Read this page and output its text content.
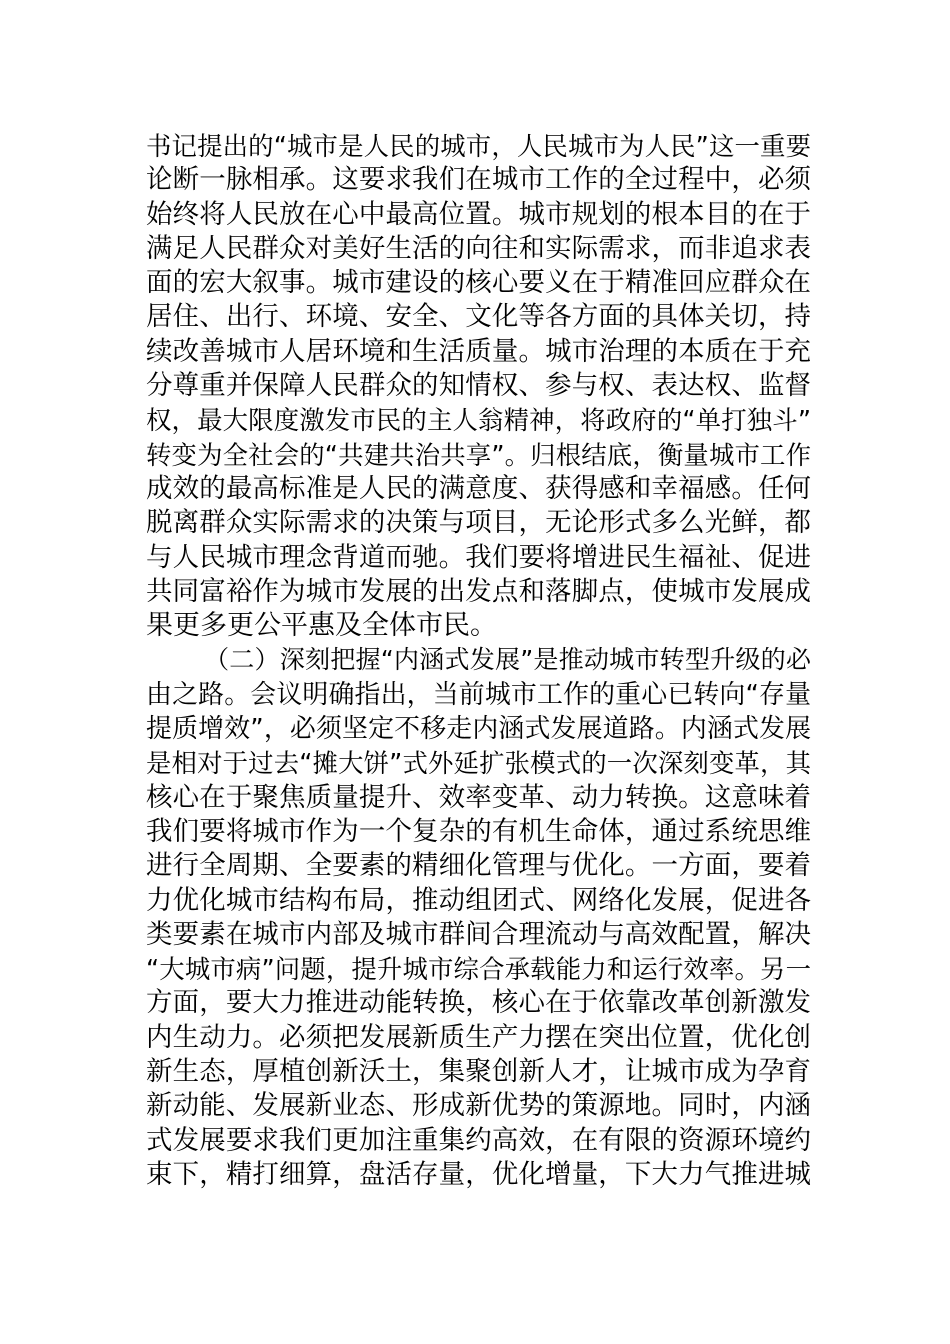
书记提出的“城市是人民的城市，人民城市为人民”这一重要
论断一脉相承。这要求我们在城市工作的全过程中，必须
始终将人民放在心中最高位置。城市规划的根本目的在于
满足人民群众对美好生活的向往和实际需求，而非追求表
面的宏大叙事。城市建设的核心要义在于精准回应群众在
居住、出行、环境、安全、文化等各方面的具体关切，持
续改善城市人居环境和生活质量。城市治理的本质在于充
分尊重并保障人民群众的知情权、参与权、表达权、监督
权，最大限度激发市民的主人翁精神，将政府的“单打独斗”
转变为全社会的“共建共治共享”。归根结底，衡量城市工作
成效的最高标准是人民的满意度、获得感和幸福感。任何
脱离群众实际需求的决策与项目，无论形式多么光鲜，都
与人民城市理念背道而驰。我们要将增进民生福祉、促进
共同富裕作为城市发展的出发点和落脚点，使城市发展成
果更多更公平惠及全体市民。
（二）深刻把握“内涵式发展”是推动城市转型升级的必
由之路。会议明确指出，当前城市工作的重心已转向“存量
提质增效”，必须坚定不移走内涵式发展道路。内涵式发展
是相对于过去“摊大饼”式外延扩张模式的一次深刻变革，其
核心在于聚焦质量提升、效率变革、动力转换。这意味着
我们要将城市作为一个复杂的有机生命体，通过系统思维
进行全周期、全要素的精细化管理与优化。一方面，要着
力优化城市结构布局，推动组团式、网络化发展，促进各
类要素在城市内部及城市群间合理流动与高效配置，解决
“大城市病”问题，提升城市综合承载能力和运行效率。另一
方面，要大力推进动能转换，核心在于依靠改革创新激发
内生动力。必须把发展新质生产力摆在突出位置，优化创
新生态，厚植创新沃土，集聚创新人才，让城市成为孕育
新动能、发展新业态、形成新优势的策源地。同时，内涵
式发展要求我们更加注重集约高效，在有限的资源环境约
束下，精打细算，盘活存量，优化增量，下大力气推进城
